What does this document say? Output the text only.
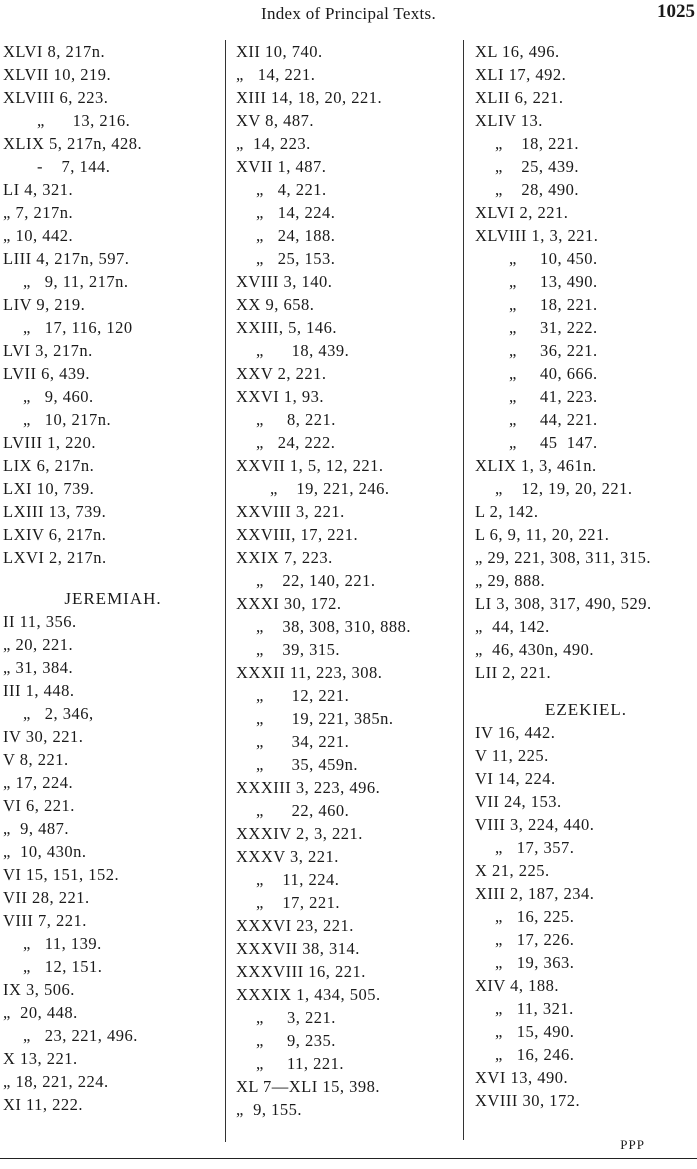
Index of Principal Texts.	1025
XLVI 8, 217n.
XLVII 10, 219.
XLVIII 6, 223.
„      13, 216.
XLIX 5, 217n, 428.
-    7, 144.
LI 4, 321.
„ 7, 217n.
„ 10, 442.
LIII 4, 217n, 597.
„   9, 11, 217n.
LIV 9, 219.
„   17, 116, 120
LVI 3, 217n.
LVII 6, 439.
„   9, 460.
„   10, 217n.
LVIII 1, 220.
LIX 6, 217n.
LXI 10, 739.
LXIII 13, 739.
LXIV 6, 217n.
LXVI 2, 217n.
JEREMIAH.
II 11, 356.
„ 20, 221.
„ 31, 384.
III 1, 448.
„   2, 346,
IV 30, 221.
V 8, 221.
„ 17, 224.
VI 6, 221.
„  9, 487.
„  10, 430n.
VI 15, 151, 152.
VII 28, 221.
VIII 7, 221.
„   11, 139.
„   12, 151.
IX 3, 506.
„  20, 448.
„   23, 221, 496.
X 13, 221.
„ 18, 221, 224.
XI 11, 222.
XII 10, 740.
„   14, 221.
XIII 14, 18, 20, 221.
XV 8, 487.
„  14, 223.
XVII 1, 487.
„   4, 221.
„   14, 224.
„   24, 188.
„   25, 153.
XVIII 3, 140.
XX 9, 658.
XXIII, 5, 146.
„      18, 439.
XXV 2, 221.
XXVI 1, 93.
„     8, 221.
„   24, 222.
XXVII 1, 5, 12, 221.
„    19, 221, 246.
XXVIII 3, 221.
XXVIII, 17, 221.
XXIX 7, 223.
„    22, 140, 221.
XXXI 30, 172.
„    38, 308, 310, 888.
„    39, 315.
XXXII 11, 223, 308.
„      12, 221.
„      19, 221, 385n.
„      34, 221.
„      35, 459n.
XXXIII 3, 223, 496.
„      22, 460.
XXXIV 2, 3, 221.
XXXV 3, 221.
„    11, 224.
„    17, 221.
XXXVI 23, 221.
XXXVII 38, 314.
XXXVIII 16, 221.
XXXIX 1, 434, 505.
„     3, 221.
„     9, 235.
„     11, 221.
XL 7—XLI 15, 398.
„  9, 155.
XL 16, 496.
XLI 17, 492.
XLII 6, 221.
XLIV 13.
„    18, 221.
„    25, 439.
„    28, 490.
XLVI 2, 221.
XLVIII 1, 3, 221.
„     10, 450.
„     13, 490.
„     18, 221.
„     31, 222.
„     36, 221.
„     40, 666.
„     41, 223.
„     44, 221.
„     45  147.
XLIX 1, 3, 461n.
„    12, 19, 20, 221.
L 2, 142.
L 6, 9, 11, 20, 221.
„ 29, 221, 308, 311, 315.
„ 29, 888.
LI 3, 308, 317, 490, 529.
„  44, 142.
„  46, 430n, 490.
LII 2, 221.
EZEKIEL.
IV 16, 442.
V 11, 225.
VI 14, 224.
VII 24, 153.
VIII 3, 224, 440.
„   17, 357.
X 21, 225.
XIII 2, 187, 234.
„   16, 225.
„   17, 226.
„   19, 363.
XIV 4, 188.
„   11, 321.
„   15, 490.
„   16, 246.
XVI 13, 490.
XVIII 30, 172.
PPP
